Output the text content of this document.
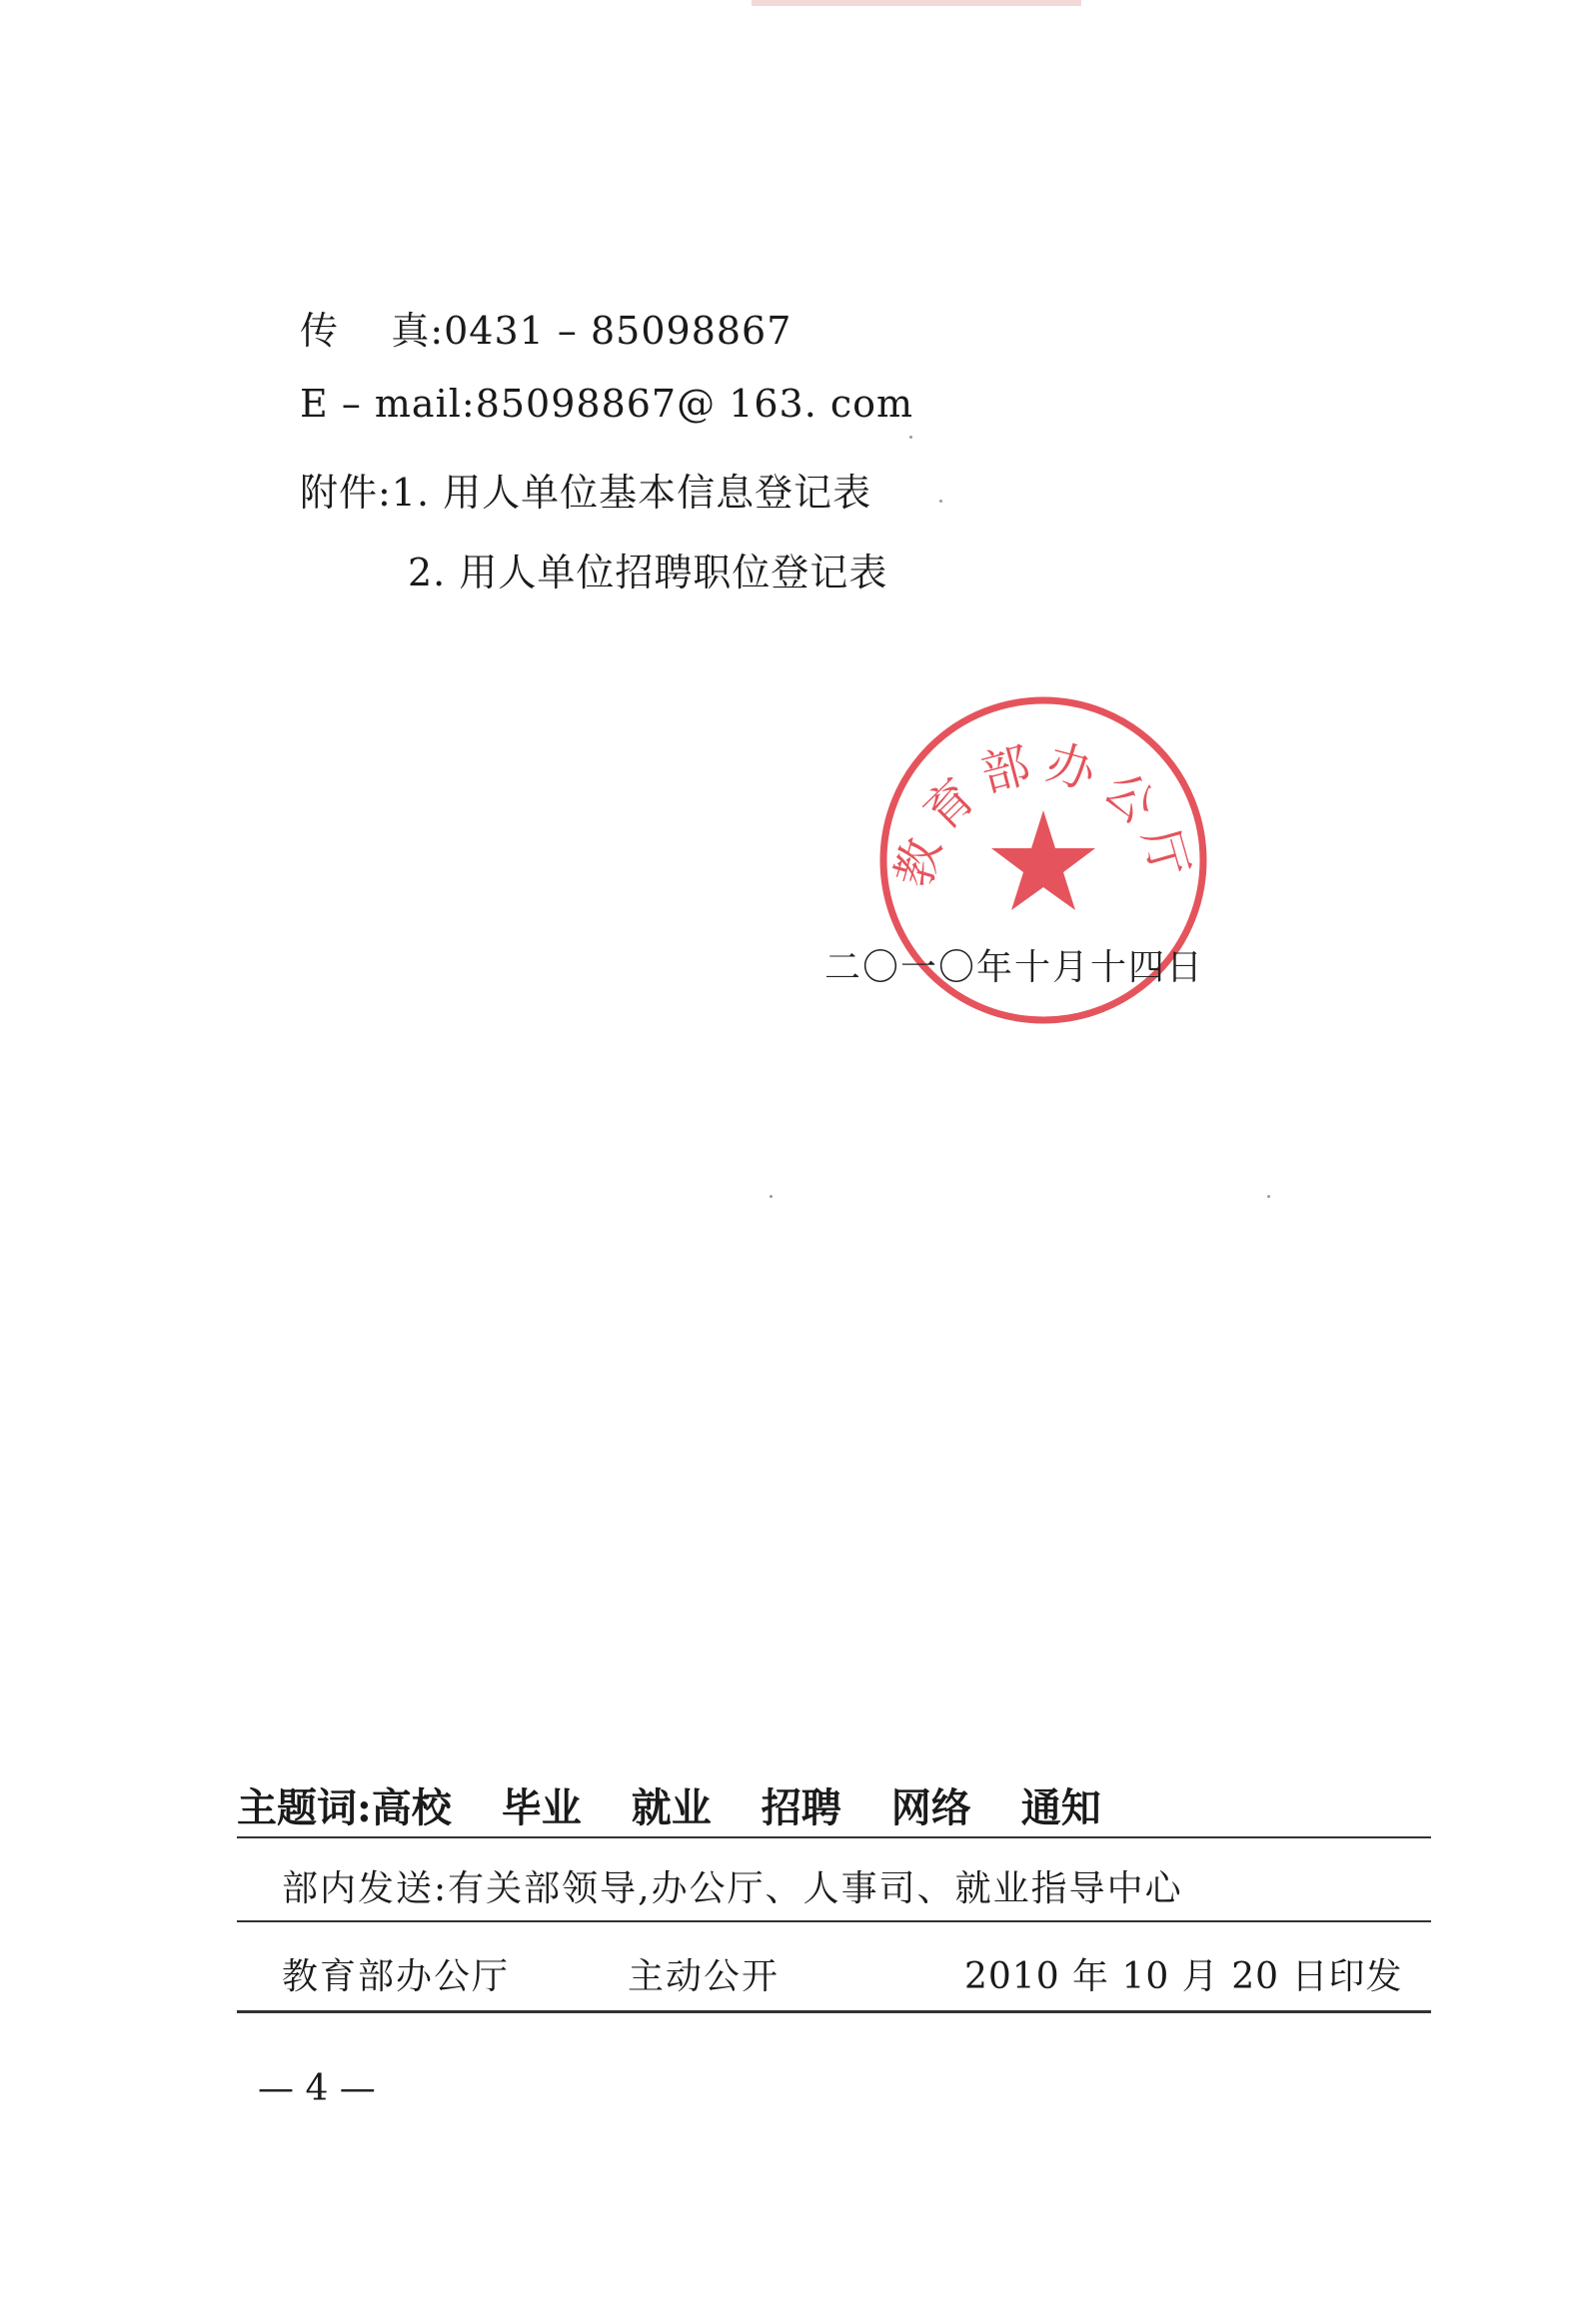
传    真:0431 – 85098867
E – mail:85098867@ 163. com
附件:1. 用人单位基本信息登记表
2. 用人单位招聘职位登记表
教育部办公厅
二〇一〇年十月十四日
主题词: 高校 毕业 就业 招聘 网络 通知
部内发送:有关部领导,办公厅、人事司、就业指导中心
教育部办公厅	主动公开	2010 年 10 月 20 日印发
— 4 —
